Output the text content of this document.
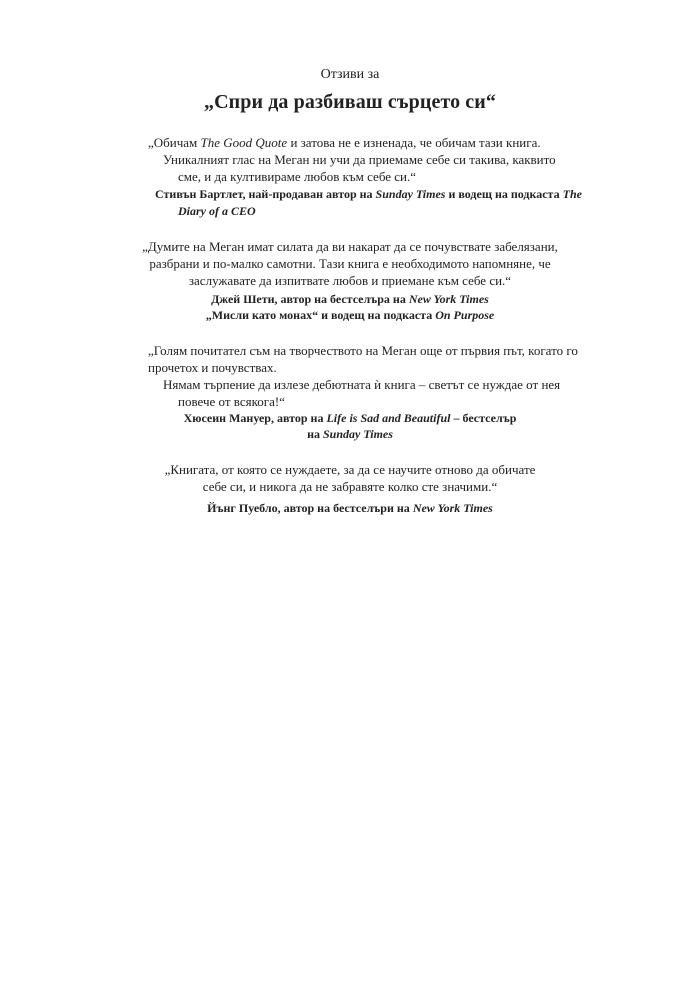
Отзиви за
„Спри да разбиваш сърцето си“
„Обичам The Good Quote и затова не е изненада, че обичам тази книга.
Уникалният глас на Меган ни учи да приемаме себе си такива, каквито
сме, и да култивираме любов към себе си.“
Стивън Бартлет, най-продаван автор на Sunday Times и водещ на подкаста The
Diary of a CEO
„Думите на Меган имат силата да ви накарат да се почувствате забелязани,
разбрани и по-малко самотни. Тази книга е необходимото напомняне, че
заслужавате да изпитвате любов и приемане към себе си.“
Джей Шети, автор на бестселъра на New York Times
„Мисли като монах“ и водещ на подкаста On Purpose
„Голям почитател съм на творчеството на Меган още от първия път, когато го
прочетох и почувствах.
Нямам търпение да излезе дебютната ѝ книга – светът се нуждае от нея
повече от всякога!“
Хюсеин Мануер, автор на Life is Sad and Beautiful – бестселър
на Sunday Times
„Книгата, от която се нуждаете, за да се научите отново да обичате
себе си, и никога да не забравяте колко сте значими.“
Йънг Пуебло, автор на бестселъри на New York Times
